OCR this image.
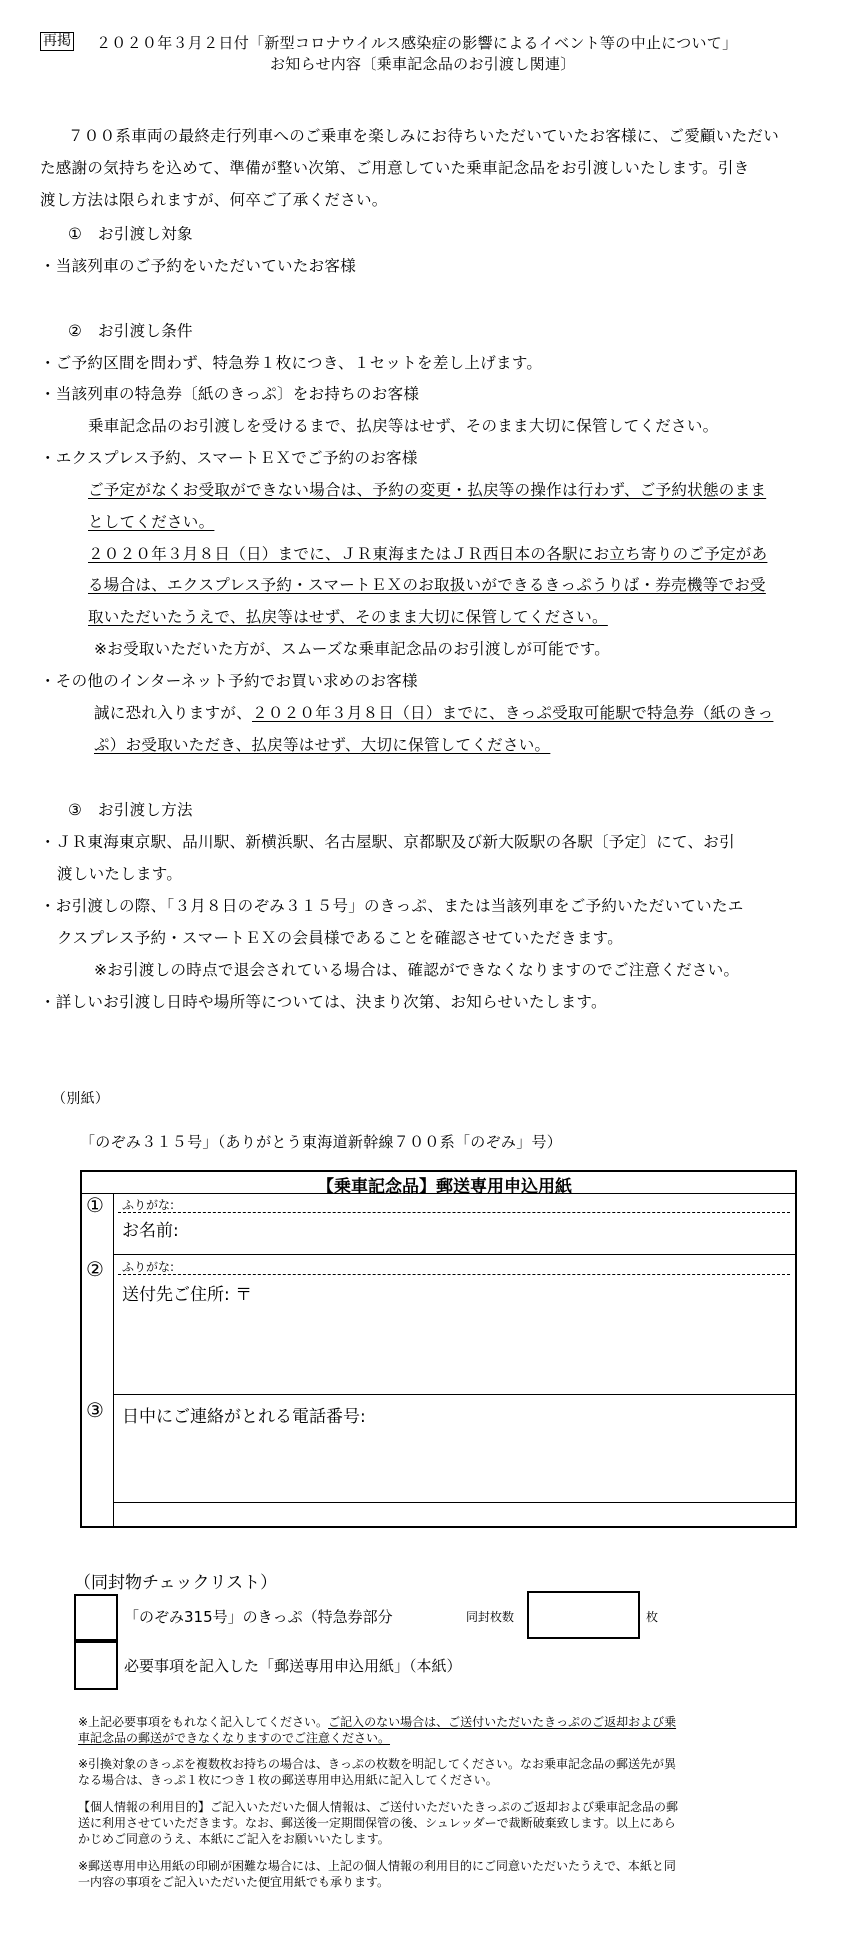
再掲 ２０２０年３月２日付「新型コロナウイルス感染症の影響によるイベント等の中止について」
お知らせ内容〔乗車記念品のお引渡し関連〕
７００系車両の最終走行列車へのご乗車を楽しみにお待ちいただいていたお客様に、ご愛顧いただい
た感謝の気持ちを込めて、準備が整い次第、ご用意していた乗車記念品をお引渡しいたします。引き
渡し方法は限られますが、何卒ご了承ください。
①　お引渡し対象
・当該列車のご予約をいただいていたお客様
②　お引渡し条件
・ご予約区間を問わず、特急券１枚につき、１セットを差し上げます。
・当該列車の特急券〔紙のきっぷ〕をお持ちのお客様
乗車記念品のお引渡しを受けるまで、払戻等はせず、そのまま大切に保管してください。
・エクスプレス予約、スマートＥＸでご予約のお客様
ご予定がなくお受取ができない場合は、予約の変更・払戻等の操作は行わず、ご予約状態のまま
としてください。
２０２０年３月８日（日）までに、ＪＲ東海またはＪＲ西日本の各駅にお立ち寄りのご予定があ
る場合は、エクスプレス予約・スマートＥＸのお取扱いができるきっぷうりば・券売機等でお受
取いただいたうえで、払戻等はせず、そのまま大切に保管してください。
※お受取いただいた方が、スムーズな乗車記念品のお引渡しが可能です。
・その他のインターネット予約でお買い求めのお客様
誠に恐れ入りますが、２０２０年３月８日（日）までに、きっぷ受取可能駅で特急券（紙のきっ
ぷ）お受取いただき、払戻等はせず、大切に保管してください。
③　お引渡し方法
・ＪＲ東海東京駅、品川駅、新横浜駅、名古屋駅、京都駅及び新大阪駅の各駅〔予定〕にて、お引
渡しいたします。
・お引渡しの際、「３月８日のぞみ３１５号」のきっぷ、または当該列車をご予約いただいていたエ
クスプレス予約・スマートＥＸの会員様であることを確認させていただきます。
※お引渡しの時点で退会されている場合は、確認ができなくなりますのでご注意ください。
・詳しいお引渡し日時や場所等については、決まり次第、お知らせいたします。
（別紙）
「のぞみ３１５号」（ありがとう東海道新幹線７００系「のぞみ」号）
【乗車記念品】郵送専用申込用紙
① ふりがな:
お名前:
② ふりがな:
送付先ご住所: 〒
③ 日中にご連絡がとれる電話番号:
（同封物チェックリスト）
「のぞみ315号」のきっぷ（特急券部分	同封枚数	枚
必要事項を記入した「郵送専用申込用紙」（本紙）
※上記必要事項をもれなく記入してください。ご記入のない場合は、ご送付いただいたきっぷのご返却および乗
車記念品の郵送ができなくなりますのでご注意ください。
※引換対象のきっぷを複数枚お持ちの場合は、きっぷの枚数を明記してください。なお乗車記念品の郵送先が異
なる場合は、きっぷ１枚につき１枚の郵送専用申込用紙に記入してください。
【個人情報の利用目的】ご記入いただいた個人情報は、ご送付いただいたきっぷのご返却および乗車記念品の郵
送に利用させていただきます。なお、郵送後一定期間保管の後、シュレッダーで裁断破棄致します。以上にあら
かじめご同意のうえ、本紙にご記入をお願いいたします。
※郵送専用申込用紙の印刷が困難な場合には、上記の個人情報の利用目的にご同意いただいたうえで、本紙と同
一内容の事項をご記入いただいた便宜用紙でも承ります。
